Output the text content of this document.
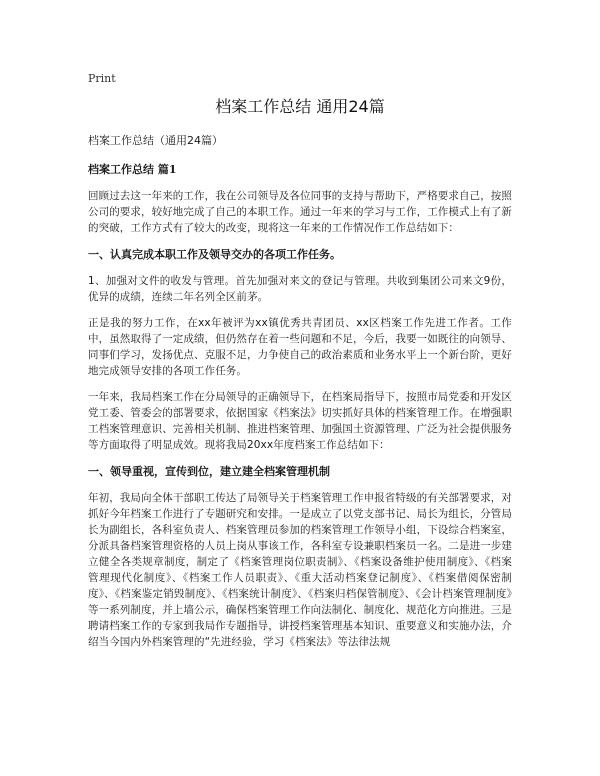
Print
档案工作总结 通用24篇

档案工作总结（通用24篇）

档案工作总结 篇1

回顾过去这一年来的工作，我在公司领导及各位同事的支持与帮助下，严格要求自己，按照公司的要求，较好地完成了自己的本职工作。通过一年来的学习与工作，工作模式上有了新的突破，工作方式有了较大的改变，现将这一年来的工作情况作工作总结如下：

一、认真完成本职工作及领导交办的各项工作任务。

1、加强对文件的收发与管理。首先加强对来文的登记与管理。共收到集团公司来文9份，优异的成绩，连续二年名列全区前茅。

正是我的努力工作，在xx年被评为xx镇优秀共青团员、xx区档案工作先进工作者。工作中，虽然取得了一定成绩，但仍然存在着一些问题和不足，今后，我要一如既往的向领导、同事们学习，发扬优点、克服不足，力争使自己的政治素质和业务水平上一个新台阶，更好地完成领导安排的各项工作任务。

一年来，我局档案工作在分局领导的正确领导下，在档案局指导下，按照市局党委和开发区党工委、管委会的部署要求，依据国家《档案法》切实抓好具体的档案管理工作。在增强职工档案管理意识、完善相关机制、推进档案管理、加强国土资源管理、广泛为社会提供服务等方面取得了明显成效。现将我局20xx年度档案工作总结如下：

一、领导重视，宣传到位，建立建全档案管理机制

年初，我局向全体干部职工传达了局领导关于档案管理工作申报省特级的有关部署要求，对抓好今年档案工作进行了专题研究和安排。一是成立了以党支部书记、局长为组长，分管局长为副组长，各科室负责人、档案管理员参加的档案管理工作领导小组，下设综合档案室，分派具备档案管理资格的人员上岗从事该工作，各科室专设兼职档案员一名。二是进一步建立健全各类规章制度，制定了《档案管理岗位职责制》、《档案设备维护使用制度》、《档案管理现代化制度》、《档案工作人员职责》、《重大活动档案登记制度》、《档案借阅保密制度》、《档案鉴定销毁制度》、《档案统计制度》、《档案归档保管制度》、《会计档案管理制度》等一系列制度，并上墙公示，确保档案管理工作向法制化、制度化、规范化方向推进。三是聘请档案工作的专家到我局作专题指导，讲授档案管理基本知识、重要意义和实施办法，介绍当今国内外档案管理的“先进经验，学习《档案法》等法律法规
